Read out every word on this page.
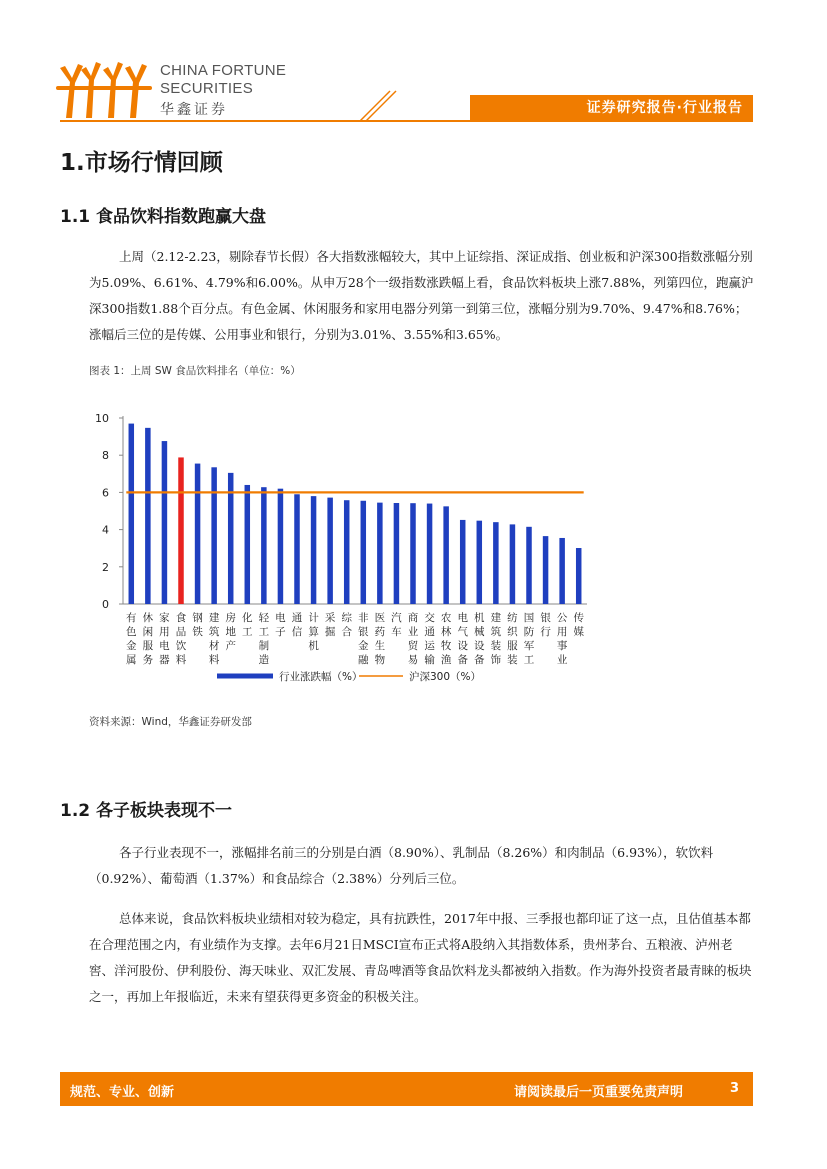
CHINA FORTUNE
SECURITIES
华鑫证券	证券研究报告·行业报告
1.市场行情回顾
1.1 食品饮料指数跑赢大盘

上周（2.12-2.23，剔除春节长假）各大指数涨幅较大，其中上证综指、深证成指、创业板和沪深300指数涨幅分别为5.09%、6.61%、4.79%和6.00%。从申万28个一级指数涨跌幅上看，食品饮料板块上涨7.88%，列第四位，跑赢沪深300指数1.88个百分点。有色金属、休闲服务和家用电器分列第一到第三位，涨幅分别为9.70%、9.47%和8.76%；涨幅后三位的是传媒、公用事业和银行，分别为3.01%、3.55%和3.65%。

图表 1：上周 SW 食品饮料排名（单位：%）
0
2
4
6
8
10
有色金属
休闲服务
家用电器
食品饮料
钢铁
建筑材料
房地产
化工
轻工制造
电子
通信
计算机
采掘
综合
非银金融
医药生物
汽车
商业贸易
交通运输
农林牧渔
电气设备
机械设备
建筑装饰
纺织服装
国防军工
银行
公用事业
传媒
行业涨跌幅（%）	沪深300（%）
资料来源：Wind，华鑫证券研发部
1.2 各子板块表现不一

各子行业表现不一，涨幅排名前三的分别是白酒（8.90%）、乳制品（8.26%）和肉制品（6.93%），软饮料（0.92%）、葡萄酒（1.37%）和食品综合（2.38%）分列后三位。

总体来说，食品饮料板块业绩相对较为稳定，具有抗跌性，2017年中报、三季报也都印证了这一点，且估值基本都在合理范围之内，有业绩作为支撑。去年6月21日MSCI宣布正式将A股纳入其指数体系，贵州茅台、五粮液、泸州老窖、洋河股份、伊利股份、海天味业、双汇发展、青岛啤酒等食品饮料龙头都被纳入指数。作为海外投资者最青睐的板块之一，再加上年报临近，未来有望获得更多资金的积极关注。

规范、专业、创新	请阅读最后一页重要免责声明	3
